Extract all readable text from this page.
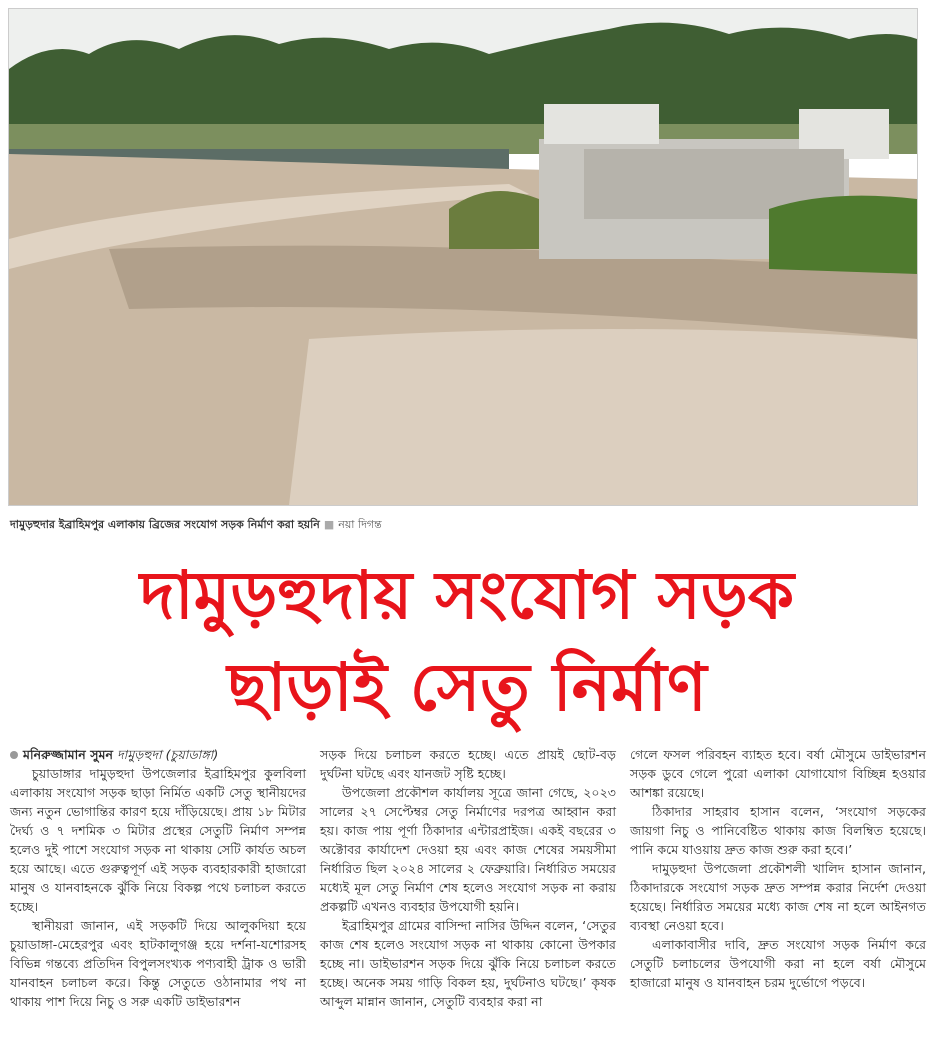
দামুড়হুদার ইব্রাহিমপুর এলাকায় ব্রিজের সংযোগ সড়ক নির্মাণ করা হয়নি ■ নয়া দিগন্ত
দামুড়হুদায় সংযোগ সড়ক
ছাড়াই সেতু নির্মাণ

মনিরুজ্জামান সুমন দামুড়হুদা (চুয়াডাঙ্গা)

চুয়াডাঙ্গার দামুড়হুদা উপজেলার ইব্রাহিমপুর কুলবিলা এলাকায় সংযোগ সড়ক ছাড়া নির্মিত একটি সেতু স্থানীয়দের জন্য নতুন ভোগান্তির কারণ হয়ে দাঁড়িয়েছে। প্রায় ১৮ মিটার দৈর্ঘ্য ও ৭ দশমিক ৩ মিটার প্রস্থের সেতুটি নির্মাণ সম্পন্ন হলেও দুই পাশে সংযোগ সড়ক না থাকায় সেটি কার্যত অচল হয়ে আছে। এতে গুরুত্বপূর্ণ এই সড়ক ব্যবহারকারী হাজারো মানুষ ও যানবাহনকে ঝুঁকি নিয়ে বিকল্প পথে চলাচল করতে হচ্ছে।

স্থানীয়রা জানান, এই সড়কটি দিয়ে আলুকদিয়া হয়ে চুয়াডাঙ্গা-মেহেরপুর এবং হাটকালুগঞ্জ হয়ে দর্শনা-যশোরসহ বিভিন্ন গন্তব্যে প্রতিদিন বিপুলসংখ্যক পণ্যবাহী ট্রাক ও ভারী যানবাহন চলাচল করে। কিন্তু সেতুতে ওঠানামার পথ না থাকায় পাশ দিয়ে নিচু ও সরু একটি ডাইভারশন

সড়ক দিয়ে চলাচল করতে হচ্ছে। এতে প্রায়ই ছোট-বড় দুর্ঘটনা ঘটছে এবং যানজট সৃষ্টি হচ্ছে।

উপজেলা প্রকৌশল কার্যালয় সূত্রে জানা গেছে, ২০২৩ সালের ২৭ সেপ্টেম্বর সেতু নির্মাণের দরপত্র আহ্বান করা হয়। কাজ পায় পূর্ণা ঠিকাদার এন্টারপ্রাইজ। একই বছরের ৩ অক্টোবর কার্যাদেশ দেওয়া হয় এবং কাজ শেষের সময়সীমা নির্ধারিত ছিল ২০২৪ সালের ২ ফেব্রুয়ারি। নির্ধারিত সময়ের মধ্যেই মূল সেতু নির্মাণ শেষ হলেও সংযোগ সড়ক না করায় প্রকল্পটি এখনও ব্যবহার উপযোগী হয়নি।

ইব্রাহিমপুর গ্রামের বাসিন্দা নাসির উদ্দিন বলেন, ‘সেতুর কাজ শেষ হলেও সংযোগ সড়ক না থাকায় কোনো উপকার হচ্ছে না। ডাইভারশন সড়ক দিয়ে ঝুঁকি নিয়ে চলাচল করতে হচ্ছে। অনেক সময় গাড়ি বিকল হয়, দুর্ঘটনাও ঘটছে।’ কৃষক আব্দুল মান্নান জানান, সেতুটি ব্যবহার করা না

গেলে ফসল পরিবহন ব্যাহত হবে। বর্ষা মৌসুমে ডাইভারশন সড়ক ডুবে গেলে পুরো এলাকা যোগাযোগ বিচ্ছিন্ন হওয়ার আশঙ্কা রয়েছে।

ঠিকাদার সাহরাব হাসান বলেন, ‘সংযোগ সড়কের জায়গা নিচু ও পানিবেষ্টিত থাকায় কাজ বিলম্বিত হয়েছে। পানি কমে যাওয়ায় দ্রুত কাজ শুরু করা হবে।’

দামুড়হুদা উপজেলা প্রকৌশলী খালিদ হাসান জানান, ঠিকাদারকে সংযোগ সড়ক দ্রুত সম্পন্ন করার নির্দেশ দেওয়া হয়েছে। নির্ধারিত সময়ের মধ্যে কাজ শেষ না হলে আইনগত ব্যবস্থা নেওয়া হবে।

এলাকাবাসীর দাবি, দ্রুত সংযোগ সড়ক নির্মাণ করে সেতুটি চলাচলের উপযোগী করা না হলে বর্ষা মৌসুমে হাজারো মানুষ ও যানবাহন চরম দুর্ভোগে পড়বে।
